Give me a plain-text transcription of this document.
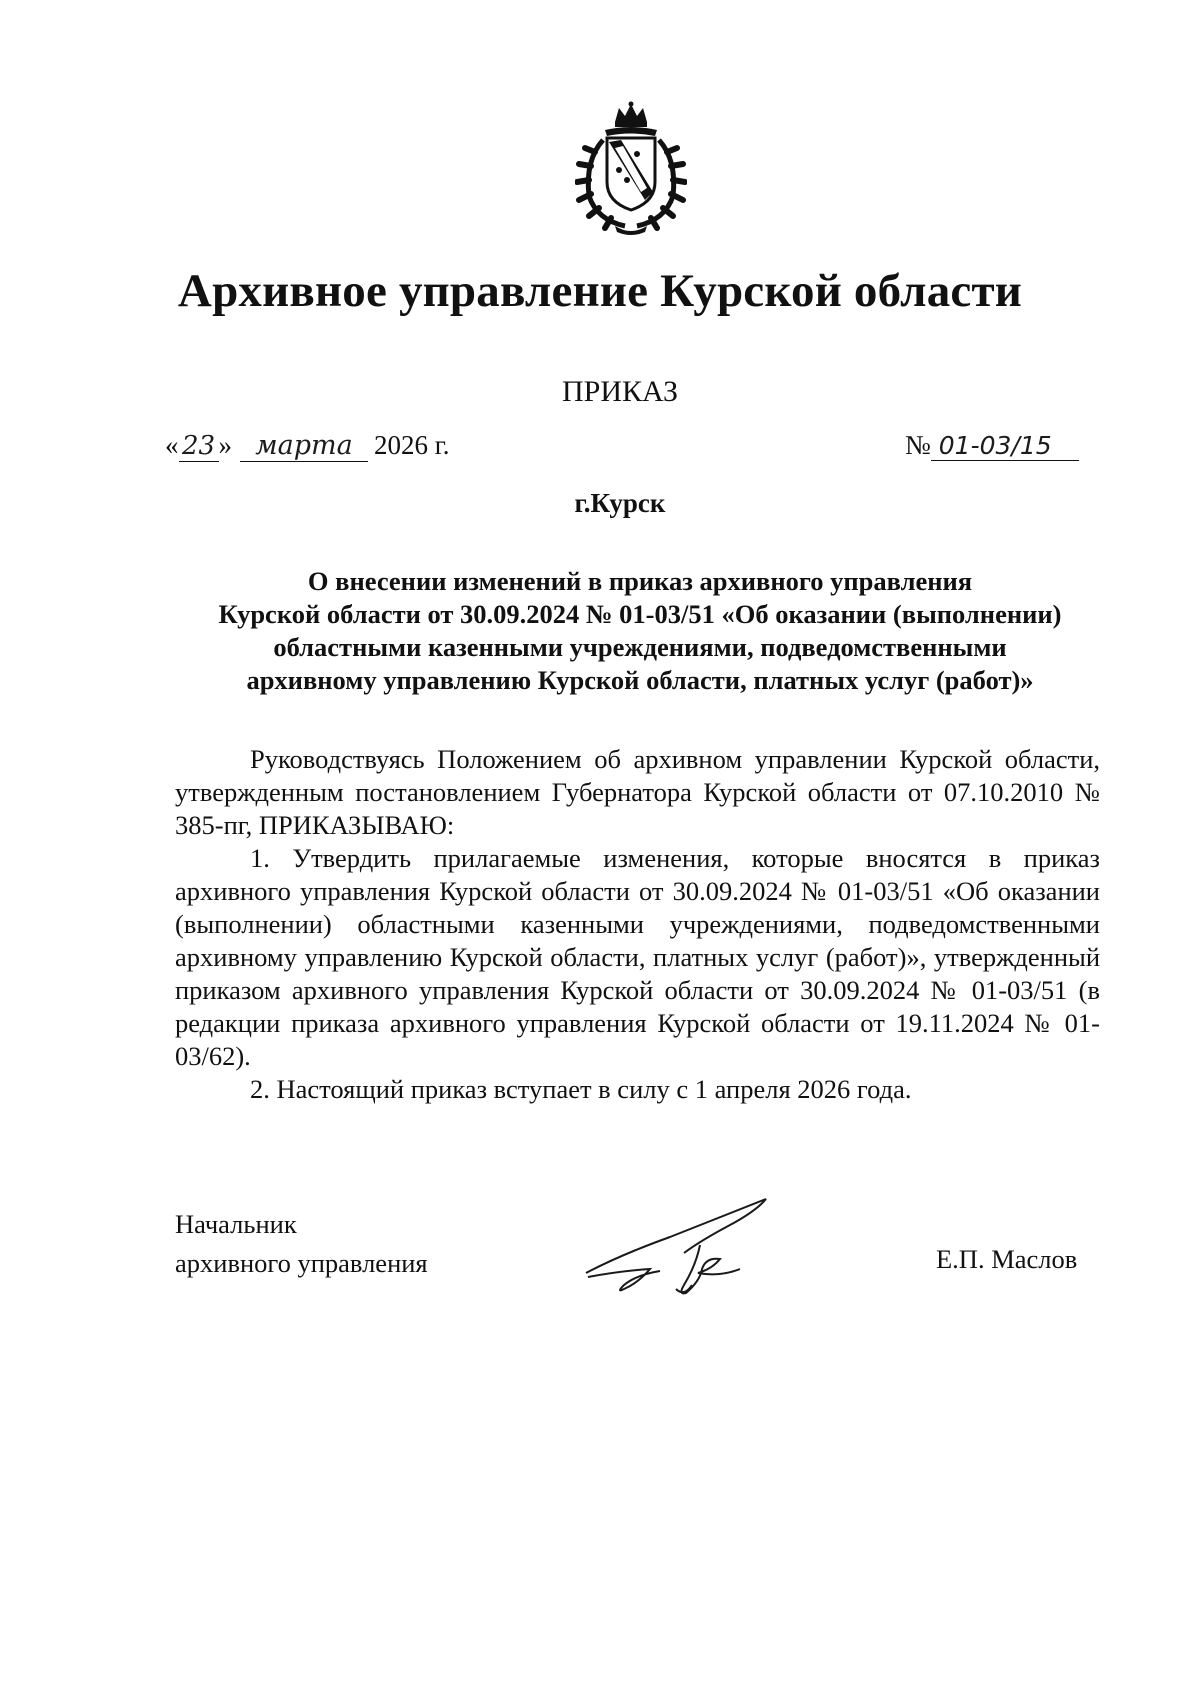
Архивное управление Курской области
ПРИКАЗ
« 23 » марта 2026 г.	№ 01-03/15
г.Курск
О внесении изменений в приказ архивного управления
Курской области от 30.09.2024 № 01-03/51 «Об оказании (выполнении)
областными казенными учреждениями, подведомственными
архивному управлению Курской области, платных услуг (работ)»

Руководствуясь Положением об архивном управлении Курской области, утвержденным постановлением Губернатора Курской области от 07.10.2010 № 385-пг, ПРИКАЗЫВАЮ:

1. Утвердить прилагаемые изменения, которые вносятся в приказ архивного управления Курской области от 30.09.2024 № 01-03/51 «Об оказании (выполнении) областными казенными учреждениями, подведомственными архивному управлению Курской области, платных услуг (работ)», утвержденный приказом архивного управления Курской области от 30.09.2024 № 01-03/51 (в редакции приказа архивного управления Курской области от 19.11.2024 № 01-03/62).

2. Настоящий приказ вступает в силу с 1 апреля 2026 года.

Начальник
архивного управления	Е.П. Маслов
